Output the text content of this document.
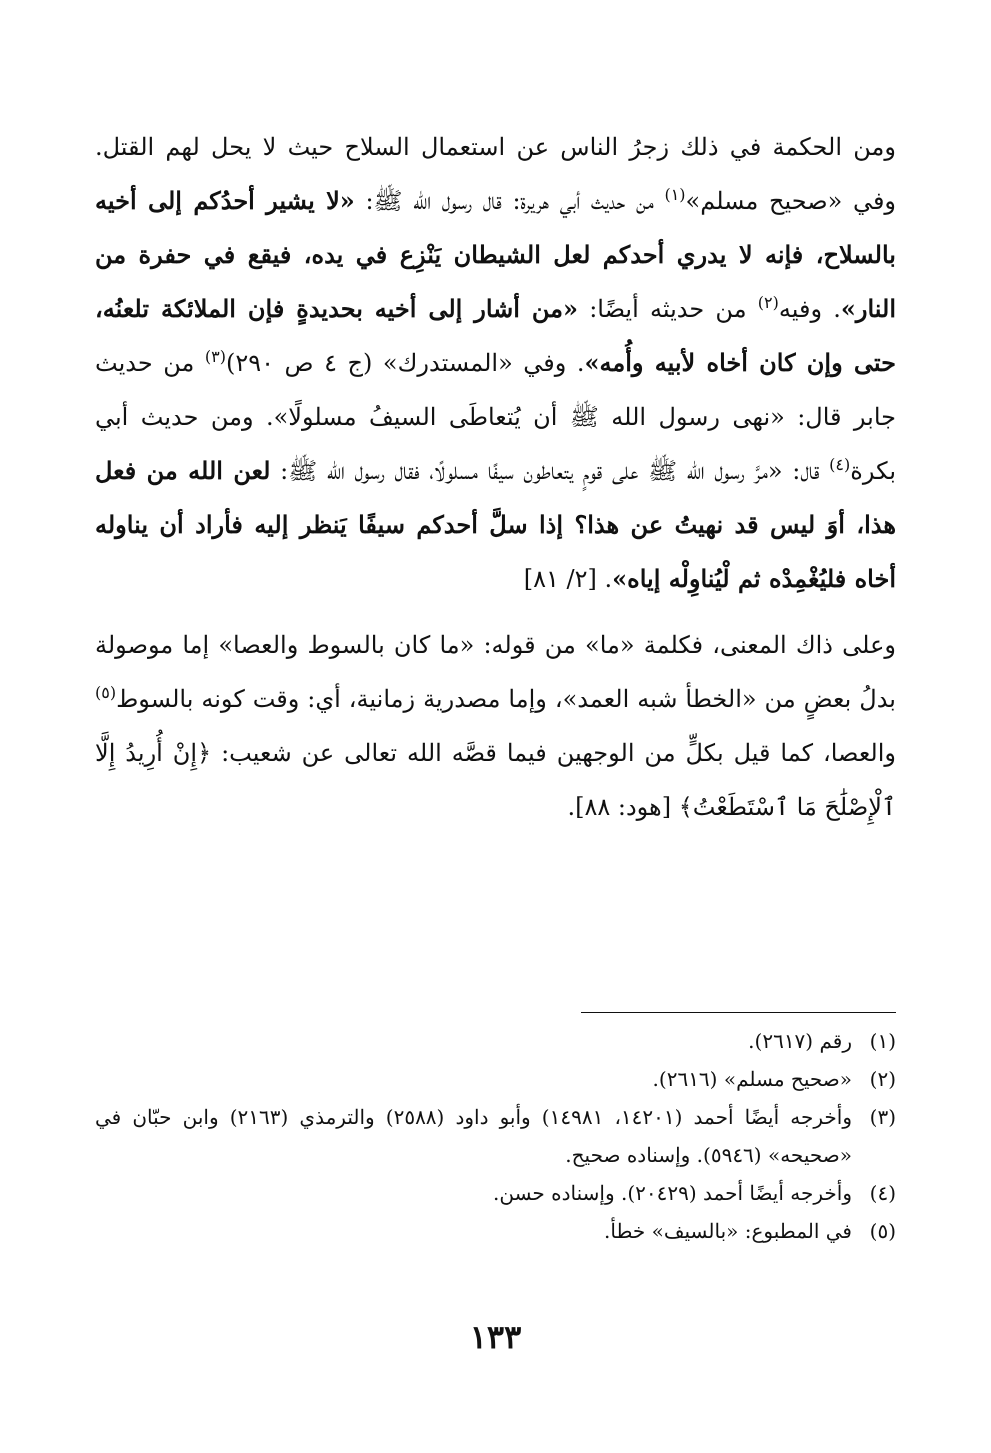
ومن الحكمة في ذلك زجرُ الناس عن استعمال السلاح حيث لا يحل لهم القتل. وفي «صحيح مسلم»$^{(١)}$ من حديث أبي هريرة: قال رسول الله ﷺ: «لا يشير أحدُكم إلى أخيه بالسلاح، فإنه لا يدري أحدكم لعل الشيطان يَنْزِع في يده، فيقع في حفرة من النار». وفيه$^{(٢)}$ من حديثه أيضًا: «من أشار إلى أخيه بحديدةٍ فإن الملائكة تلعنُه، حتى وإن كان أخاه لأبيه وأُمه». وفي «المستدرك» (ج ٤ ص ٢٩٠)$^{(٣)}$ من حديث جابر قال: «نهى رسول الله ﷺ أن يُتعاطَى السيفُ مسلولًا». ومن حديث أبي بكرة$^{(٤)}$ قال: «مرَّ رسول الله ﷺ على قومٍ يتعاطون سيفًا مسلولًا، فقال رسول الله ﷺ: لعن الله من فعل هذا، أوَ ليس قد نهيتُ عن هذا؟ إذا سلَّ أحدكم سيفًا يَنظر إليه فأراد أن يناوله أخاه فليُغْمِدْه ثم لْيُناوِلْه إياه». [٢/ ٨١]

وعلى ذاك المعنى، فكلمة «ما» من قوله: «ما كان بالسوط والعصا» إما موصولة بدلُ بعضٍ من «الخطأ شبه العمد»، وإما مصدرية زمانية، أي: وقت كونه بالسوط$^{(٥)}$ والعصا، كما قيل بكلٍّ من الوجهين فيما قصَّه الله تعالى عن شعيب: ﴿إِنْ أُرِيدُ إِلَّا ٱلْإِصْلَٰحَ مَا ٱسْتَطَعْتُ﴾ [هود: ٨٨].

(١)
رقم (٢٦١٧).
(٢)
«صحيح مسلم» (٢٦١٦).
(٣)
وأخرجه أيضًا أحمد (١٤٢٠١، ١٤٩٨١) وأبو داود (٢٥٨٨) والترمذي (٢١٦٣) وابن حبّان في «صحيحه» (٥٩٤٦). وإسناده صحيح.
(٤)
وأخرجه أيضًا أحمد (٢٠٤٢٩). وإسناده حسن.
(٥)
في المطبوع: «بالسيف» خطأ.
١٣٣
